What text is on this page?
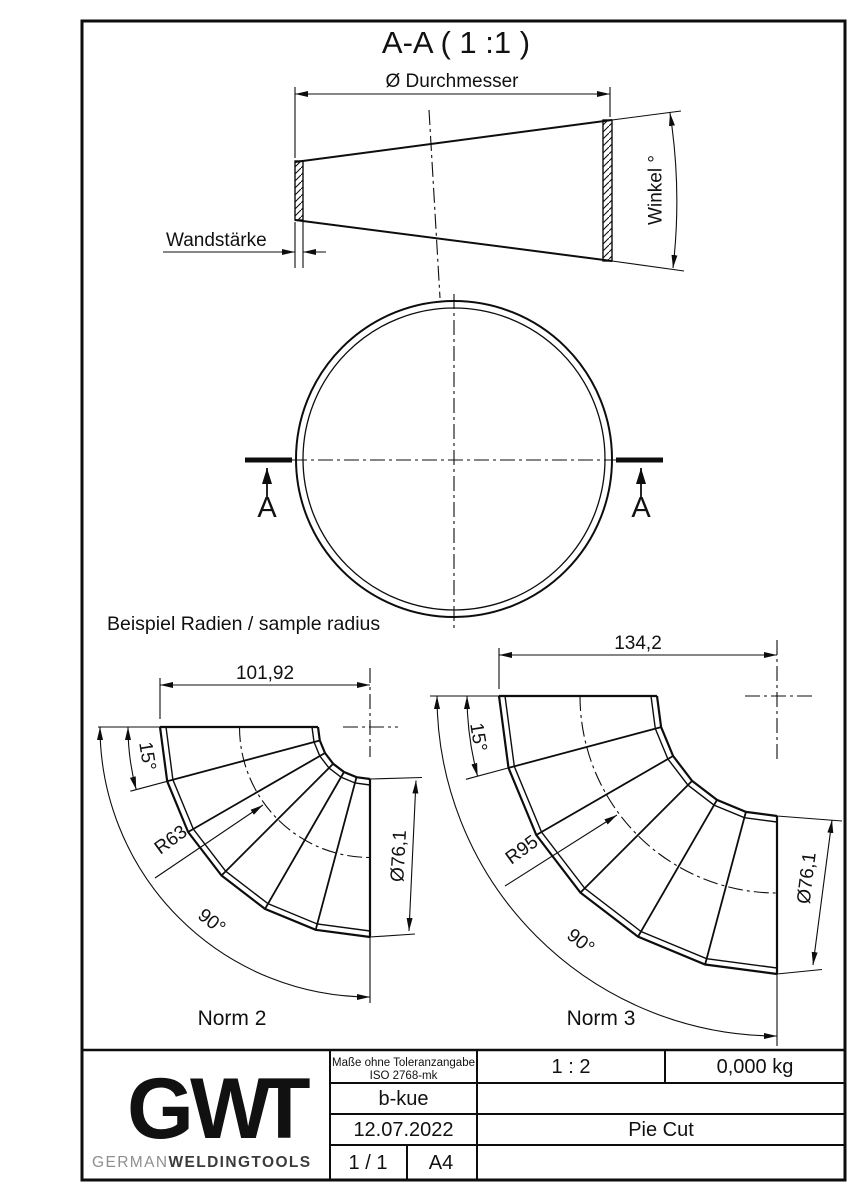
A-A ( 1 :1 )
Ø Durchmesser
Wandstärke
Winkel °
A	A
Beispiel Radien / sample radius
101,92
15°
90°
R63	Ø76,1
Norm 2
134,2
15°
90°
R95
Ø76,1
Norm 3
G
W
T
GERMANWELDINGTOOLS
Maße ohne Toleranzangabe
ISO 2768-mk
b-kue
12.07.2022
1 / 1 A4
1 : 2	0,000 kg
Pie Cut
